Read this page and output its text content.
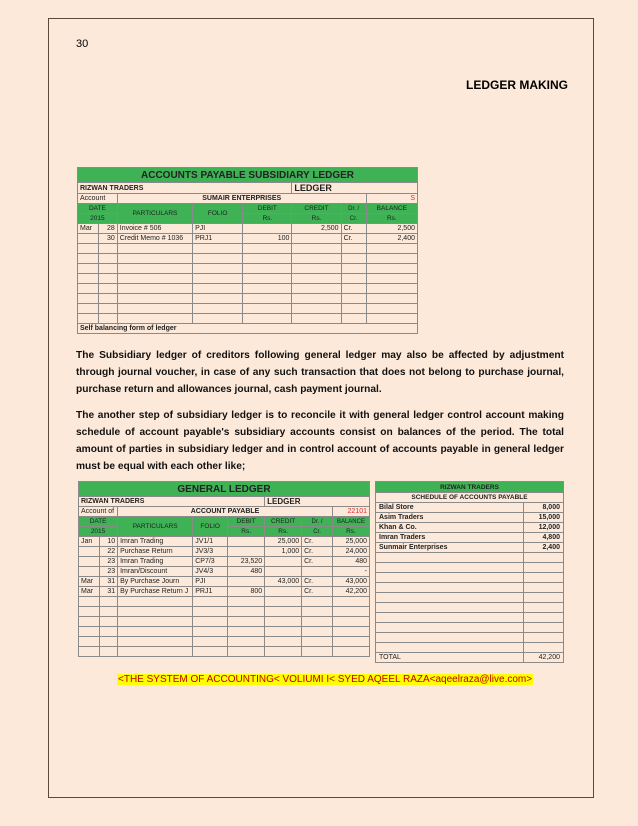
30
LEDGER MAKING
ACCOUNTS PAYABLE SUBSIDIARY LEDGER							
RIZWAN TRADERS					LEDGER		
Account		SUMAIR ENTERPRISES					S
DATE		PARTICULARS	FOLIO	DEBIT	CREDIT	Dr. /	BALANCE
2015				Rs.	Rs.	Cr.	Rs.
Mar	28	Invoice # 506	PJI		2,500	Cr.	2,500
	30	Credit Memo # 1036	PRJ1	100		Cr.	2,400

Self balancing form of ledger							

The Subsidiary ledger of creditors following general ledger may also be affected by adjustment through journal voucher, in case of any such transaction that does not belong to purchase journal, purchase return and allowances journal, cash payment journal.

The another step of subsidiary ledger is to reconcile it with general ledger control account making schedule of account payable's subsidiary accounts consist on balances of the period. The total amount of parties in subsidiary ledger and in control account of accounts payable in general ledger must be equal with each other like;

GENERAL LEDGER							
RIZWAN TRADERS					LEDGER		
Account of		ACCOUNT PAYABLE					22101
DATE		PARTICULARS	FOLIO	DEBIT	CREDIT	Dr. /	BALANCE
2015				Rs.	Rs.	Cr.	Rs.
Jan	10	Imran Trading	JV1/1		25,000	Cr.	25,000
	22	Purchase Return	JV3/3		1,000	Cr.	24,000
	23	Imran Trading	CP7/3	23,520		Cr.	480
	23	Imran/Discount	JV4/3	480			-
Mar	31	By Purchase Journ	PJI		43,000	Cr.	43,000
Mar	31	By Purchase Return J	PRJ1	800		Cr.	42,200

RIZWAN TRADERS	
SCHEDULE OF ACCOUNTS PAYABLE	
Bilal Store	8,000
Asim Traders	15,000
Khan & Co.	12,000
Imran Traders	4,800
Sunmair Enterprises	2,400

TOTAL	42,200
<THE SYSTEM OF ACCOUNTING< VOLIUMI I< SYED AQEEL RAZA<aqeelraza@live.com>
